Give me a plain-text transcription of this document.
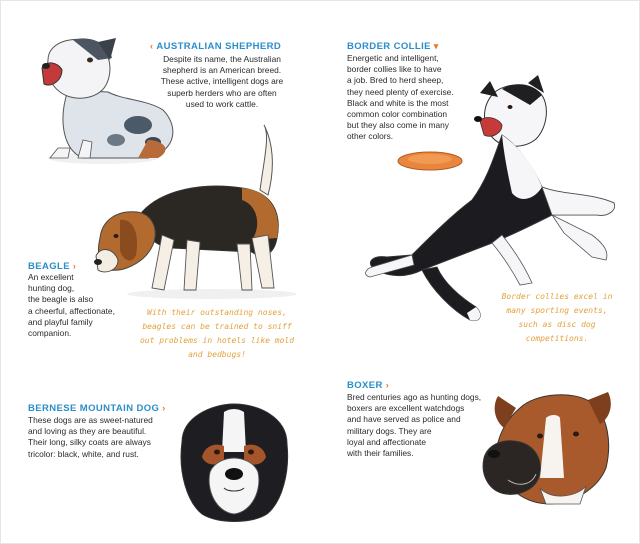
‹ AUSTRALIAN SHEPHERD
Despite its name, the Australian
shepherd is an American breed.
These active, intelligent dogs are
superb herders who are often
used to work cattle.
BEAGLE ›
An excellent
hunting dog,
the beagle is also
a cheerful, affectionate,
and playful family
companion.
With their outstanding noses,
beagles can be trained to sniff
out problems in hotels like mold
and bedbugs!
BORDER COLLIE ▾
Energetic and intelligent,
border collies like to have
a job. Bred to herd sheep,
they need plenty of exercise.
Black and white is the most
common color combination
but they also come in many
other colors.
Border collies excel in
many sporting events,
such as disc dog
competitions.
BERNESE MOUNTAIN DOG ›
These dogs are as sweet-natured
and loving as they are beautiful.
Their long, silky coats are always
tricolor: black, white, and rust.
BOXER ›
Bred centuries ago as hunting dogs,
boxers are excellent watchdogs
and have served as police and
military dogs. They are
loyal and affectionate
with their families.
